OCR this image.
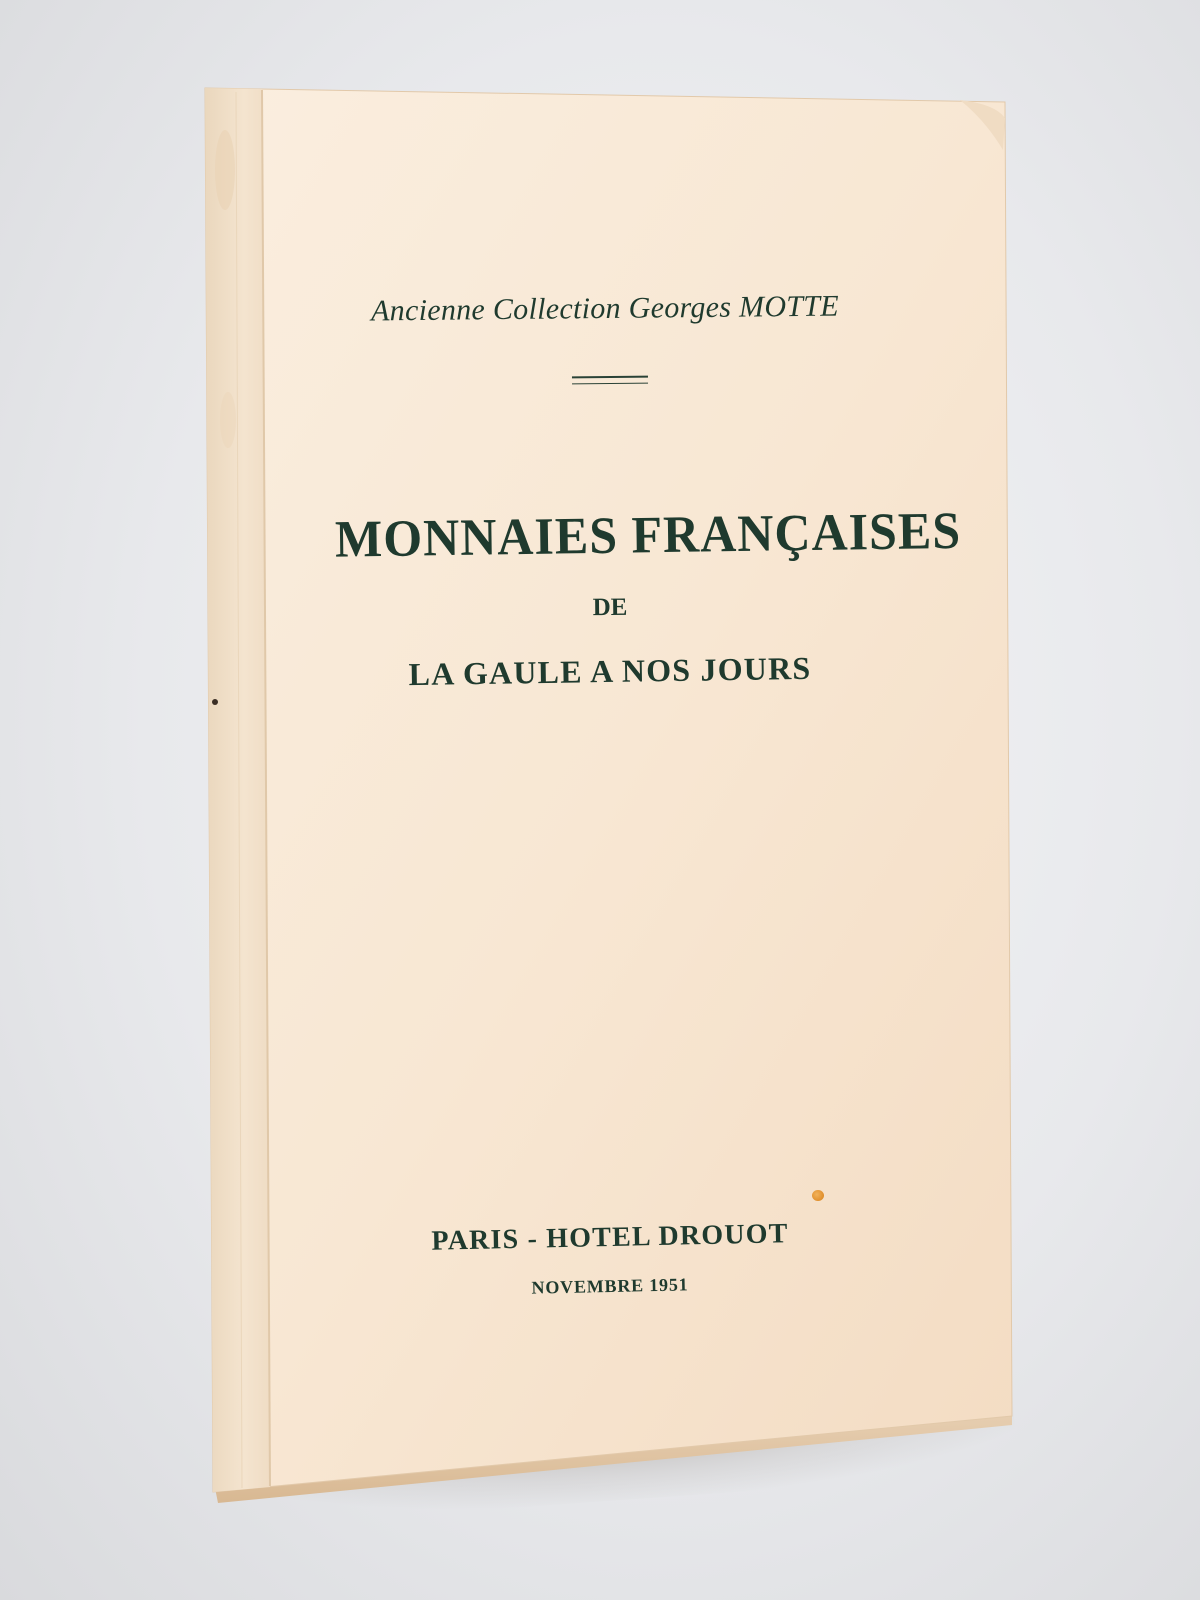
Ancienne Collection Georges MOTTE
MONNAIES FRANÇAISES
DE
LA GAULE A NOS JOURS
PARIS - HOTEL DROUOT
NOVEMBRE 1951
